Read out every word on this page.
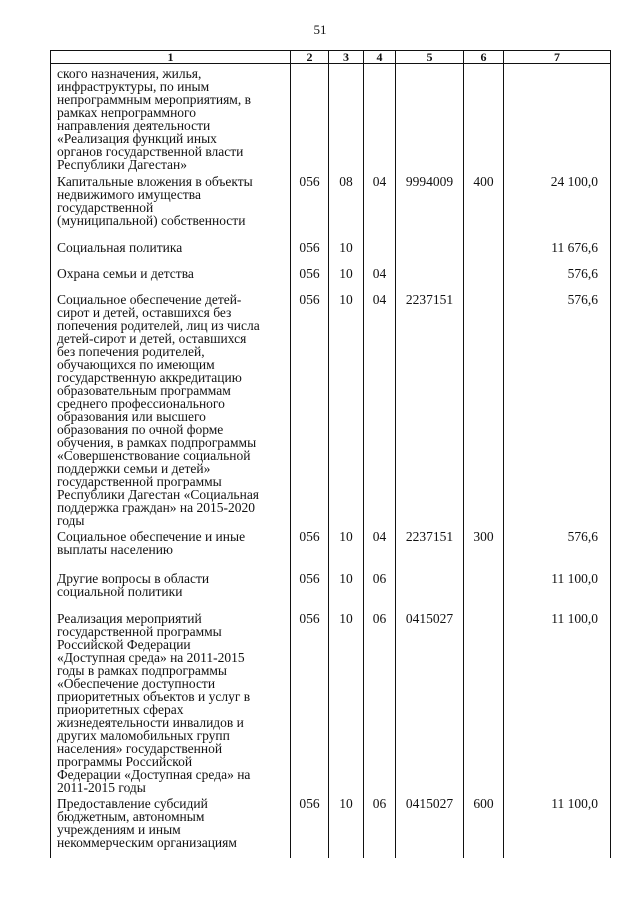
51
1	2	3	4	5	6	7

ского назначения, жилья, инфраструктуры, по иным непрограммным мероприятиям, в рамках непрограммного направления деятельности «Реализация функций иных органов государственной власти Республики Дагестан»						

Капитальные вложения в объекты недвижимого имущества государственной (муниципальной) собственности	056	08	04	9994009	400	24 100,0

Социальная политика	056	10				11 676,6

Охрана семьи и детства	056	10	04			576,6

Социальное обеспечение детей-сирот и детей, оставшихся без попечения родителей, лиц из числа детей-сирот и детей, оставшихся без попечения родителей, обучающихся по имеющим государственную аккредитацию образовательным программам среднего профессионального образования или высшего образования по очной форме обучения, в рамках подпрограммы «Совершенствование социальной поддержки семьи и детей» государственной программы Республики Дагестан «Социальная поддержка граждан» на 2015-2020 годы	056	10	04	2237151		576,6

Социальное обеспечение и иные выплаты населению	056	10	04	2237151	300	576,6

Другие вопросы в области социальной политики	056	10	06			11 100,0

Реализация мероприятий государственной программы Российской Федерации «Доступная среда» на 2011-2015 годы в рамках подпрограммы «Обеспечение доступности приоритетных объектов и услуг в приоритетных сферах жизнедеятельности инвалидов и других маломобильных групп населения» государственной программы Российской Федерации «Доступная среда» на 2011-2015 годы	056	10	06	0415027		11 100,0

Предоставление субсидий бюджетным, автономным учреждениям и иным некоммерческим организациям	056	10	06	0415027	600	11 100,0
